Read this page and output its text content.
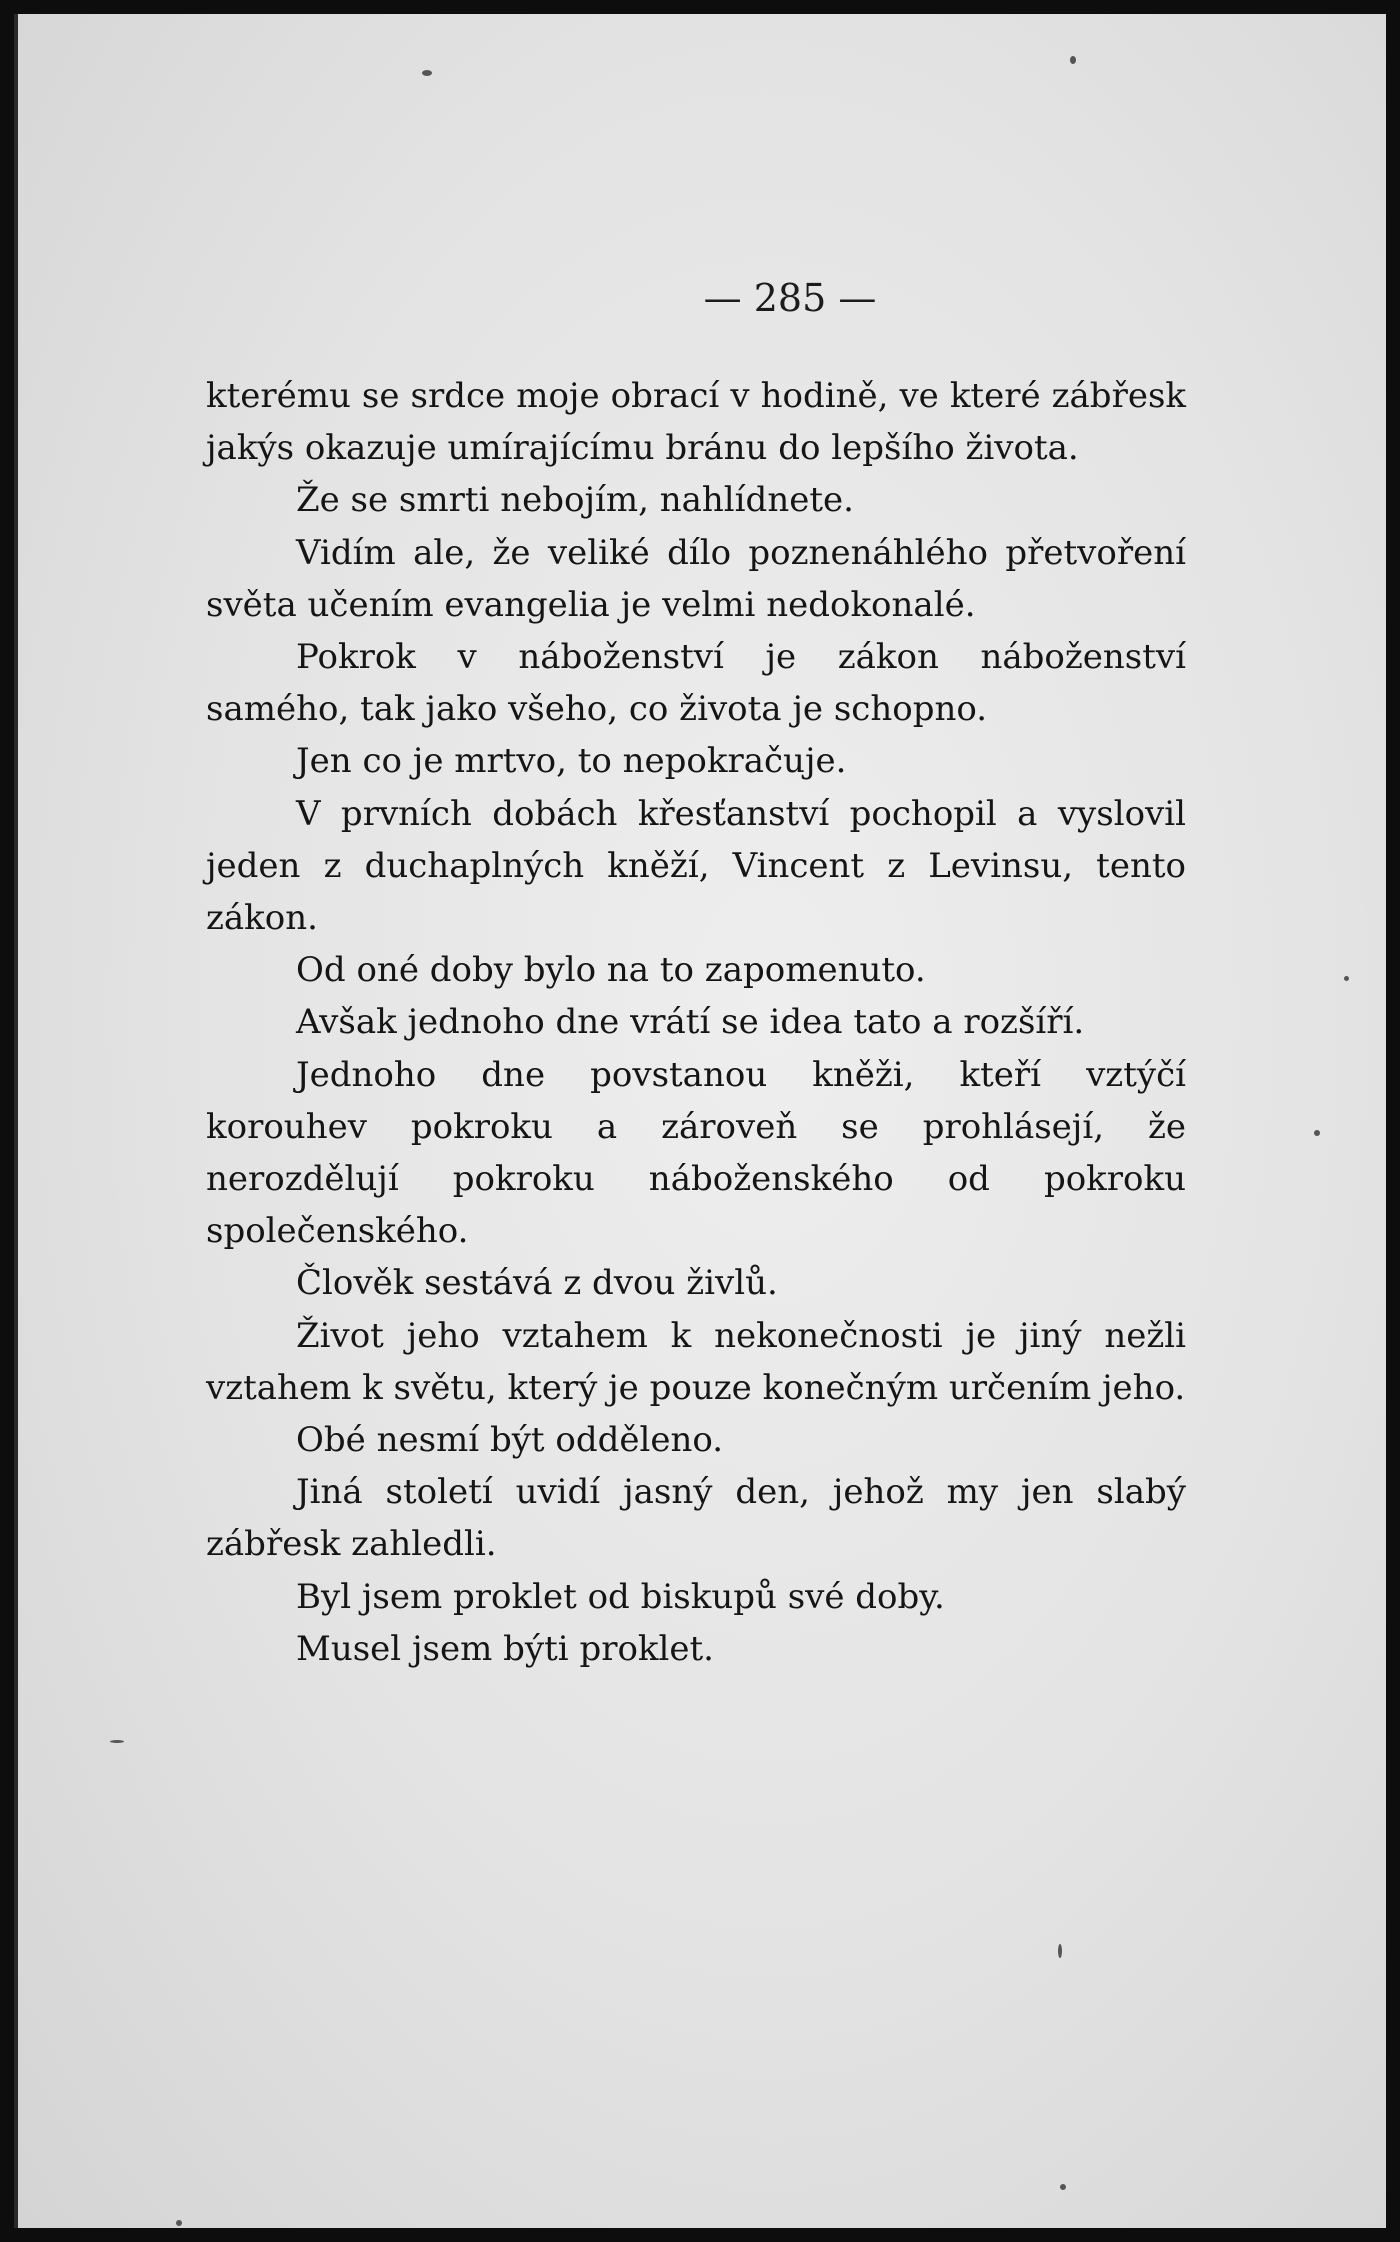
— 285 —

kterému se srdce moje obrací v hodině, ve které zábřesk jakýs okazuje umírajícímu bránu do lepšího života.

Že se smrti nebojím, nahlídnete.

Vidím ale, že veliké dílo poznenáhlého přetvoření světa učením evangelia je velmi nedokonalé.

Pokrok v náboženství je zákon náboženství samého, tak jako všeho, co života je schopno.

Jen co je mrtvo, to nepokračuje.

V prvních dobách křesťanství pochopil a vyslovil jeden z duchaplných kněží, Vincent z Levinsu, tento zákon.

Od oné doby bylo na to zapomenuto.

Avšak jednoho dne vrátí se idea tato a rozšíří.

Jednoho dne povstanou kněži, kteří vztýčí korouhev pokroku a zároveň se prohlásejí, že nerozdělují pokroku náboženského od pokroku společenského.

Člověk sestává z dvou živlů.

Život jeho vztahem k nekonečnosti je jiný nežli vztahem k světu, který je pouze konečným určením jeho.

Obé nesmí být odděleno.

Jiná století uvidí jasný den, jehož my jen slabý zábřesk zahledli.

Byl jsem proklet od biskupů své doby.

Musel jsem býti proklet.
